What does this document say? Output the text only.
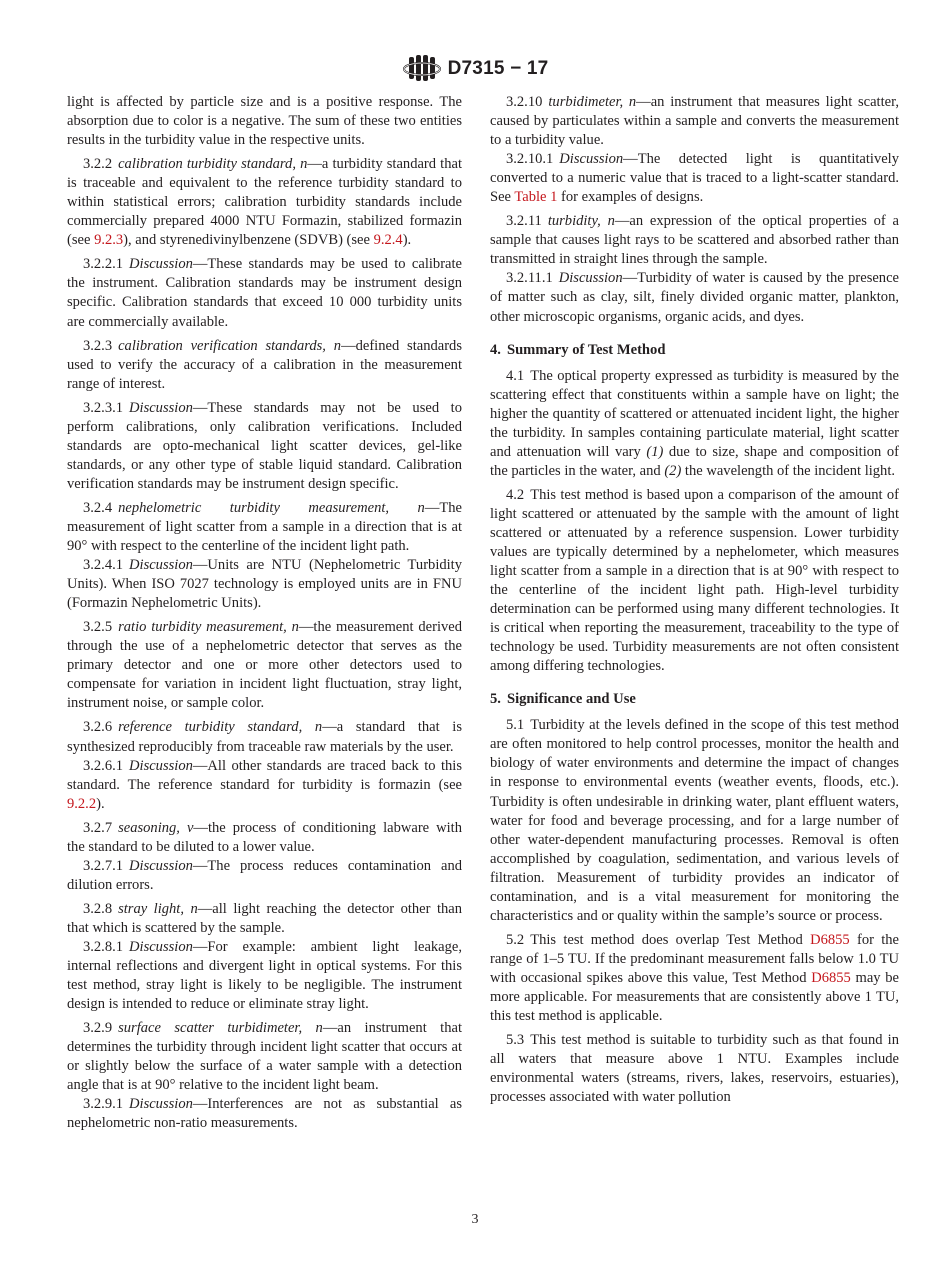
D7315 − 17

light is affected by particle size and is a positive response. The absorption due to color is a negative. The sum of these two entities results in the turbidity value in the respective units.

3.2.2 calibration turbidity standard, n—a turbidity standard that is traceable and equivalent to the reference turbidity standard to within statistical errors; calibration turbidity standards include commercially prepared 4000 NTU Formazin, stabilized formazin (see 9.2.3), and styrenedivinylbenzene (SDVB) (see 9.2.4).

3.2.2.1 Discussion—These standards may be used to calibrate the instrument. Calibration standards may be instrument design specific. Calibration standards that exceed 10 000 turbidity units are commercially available.

3.2.3 calibration verification standards, n—defined standards used to verify the accuracy of a calibration in the measurement range of interest.

3.2.3.1 Discussion—These standards may not be used to perform calibrations, only calibration verifications. Included standards are opto-mechanical light scatter devices, gel-like standards, or any other type of stable liquid standard. Calibration verification standards may be instrument design specific.

3.2.4 nephelometric turbidity measurement, n—The measurement of light scatter from a sample in a direction that is at 90° with respect to the centerline of the incident light path.

3.2.4.1 Discussion—Units are NTU (Nephelometric Turbidity Units). When ISO 7027 technology is employed units are in FNU (Formazin Nephelometric Units).

3.2.5 ratio turbidity measurement, n—the measurement derived through the use of a nephelometric detector that serves as the primary detector and one or more other detectors used to compensate for variation in incident light fluctuation, stray light, instrument noise, or sample color.

3.2.6 reference turbidity standard, n—a standard that is synthesized reproducibly from traceable raw materials by the user.

3.2.6.1 Discussion—All other standards are traced back to this standard. The reference standard for turbidity is formazin (see 9.2.2).

3.2.7 seasoning, v—the process of conditioning labware with the standard to be diluted to a lower value.

3.2.7.1 Discussion—The process reduces contamination and dilution errors.

3.2.8 stray light, n—all light reaching the detector other than that which is scattered by the sample.

3.2.8.1 Discussion—For example: ambient light leakage, internal reflections and divergent light in optical systems. For this test method, stray light is likely to be negligible. The instrument design is intended to reduce or eliminate stray light.

3.2.9 surface scatter turbidimeter, n—an instrument that determines the turbidity through incident light scatter that occurs at or slightly below the surface of a water sample with a detection angle that is at 90° relative to the incident light beam.

3.2.9.1 Discussion—Interferences are not as substantial as nephelometric non-ratio measurements.

3.2.10 turbidimeter, n—an instrument that measures light scatter, caused by particulates within a sample and converts the measurement to a turbidity value.

3.2.10.1 Discussion—The detected light is quantitatively converted to a numeric value that is traced to a light-scatter standard. See Table 1 for examples of designs.

3.2.11 turbidity, n—an expression of the optical properties of a sample that causes light rays to be scattered and absorbed rather than transmitted in straight lines through the sample.

3.2.11.1 Discussion—Turbidity of water is caused by the presence of matter such as clay, silt, finely divided organic matter, plankton, other microscopic organisms, organic acids, and dyes.

4. Summary of Test Method

4.1 The optical property expressed as turbidity is measured by the scattering effect that constituents within a sample have on light; the higher the quantity of scattered or attenuated incident light, the higher the turbidity. In samples containing particulate material, light scatter and attenuation will vary (1) due to size, shape and composition of the particles in the water, and (2) the wavelength of the incident light.

4.2 This test method is based upon a comparison of the amount of light scattered or attenuated by the sample with the amount of light scattered or attenuated by a reference suspension. Lower turbidity values are typically determined by a nephelometer, which measures light scatter from a sample in a direction that is at 90° with respect to the centerline of the incident light path. High-level turbidity determination can be performed using many different technologies. It is critical when reporting the measurement, traceability to the type of technology be used. Turbidity measurements are not often consistent among differing technologies.

5. Significance and Use

5.1 Turbidity at the levels defined in the scope of this test method are often monitored to help control processes, monitor the health and biology of water environments and determine the impact of changes in response to environmental events (weather events, floods, etc.). Turbidity is often undesirable in drinking water, plant effluent waters, water for food and beverage processing, and for a large number of other water-dependent manufacturing processes. Removal is often accomplished by coagulation, sedimentation, and various levels of filtration. Measurement of turbidity provides an indicator of contamination, and is a vital measurement for monitoring the characteristics and or quality within the sample’s source or process.

5.2 This test method does overlap Test Method D6855 for the range of 1–5 TU. If the predominant measurement falls below 1.0 TU with occasional spikes above this value, Test Method D6855 may be more applicable. For measurements that are consistently above 1 TU, this test method is applicable.

5.3 This test method is suitable to turbidity such as that found in all waters that measure above 1 NTU. Examples include environmental waters (streams, rivers, lakes, reservoirs, estuaries), processes associated with water pollution

3
